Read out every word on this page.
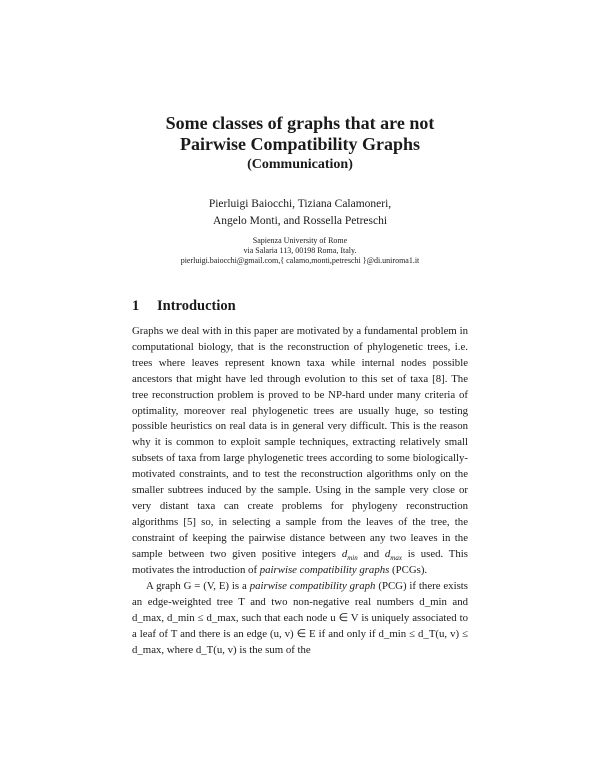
Some classes of graphs that are not
Pairwise Compatibility Graphs
(Communication)
Pierluigi Baiocchi, Tiziana Calamoneri,
Angelo Monti, and Rossella Petreschi
Sapienza University of Rome
via Salaria 113, 00198 Roma, Italy.
pierluigi.baiocchi@gmail.com,{ calamo,monti,petreschi }@di.uniroma1.it
1 Introduction

Graphs we deal with in this paper are motivated by a fundamental problem in computational biology, that is the reconstruction of phylogenetic trees, i.e. trees where leaves represent known taxa while internal nodes possible ancestors that might have led through evolution to this set of taxa [8]. The tree reconstruction problem is proved to be NP-hard under many criteria of optimality, moreover real phylogenetic trees are usually huge, so testing possible heuristics on real data is in general very difficult. This is the reason why it is common to exploit sample techniques, extracting relatively small subsets of taxa from large phylogenetic trees according to some biologically-motivated constraints, and to test the reconstruction algorithms only on the smaller subtrees induced by the sample. Using in the sample very close or very distant taxa can create problems for phylogeny reconstruction algorithms [5] so, in selecting a sample from the leaves of the tree, the constraint of keeping the pairwise distance between any two leaves in the sample between two given positive integers $d_{min}$ and $d_{max}$ is used. This motivates the introduction of pairwise compatibility graphs (PCGs).

A graph G = (V, E) is a pairwise compatibility graph (PCG) if there exists an edge-weighted tree T and two non-negative real numbers d_min and d_max, d_min ≤ d_max, such that each node u ∈ V is uniquely associated to a leaf of T and there is an edge (u, v) ∈ E if and only if d_min ≤ d_T(u, v) ≤ d_max, where d_T(u, v) is the sum of the
